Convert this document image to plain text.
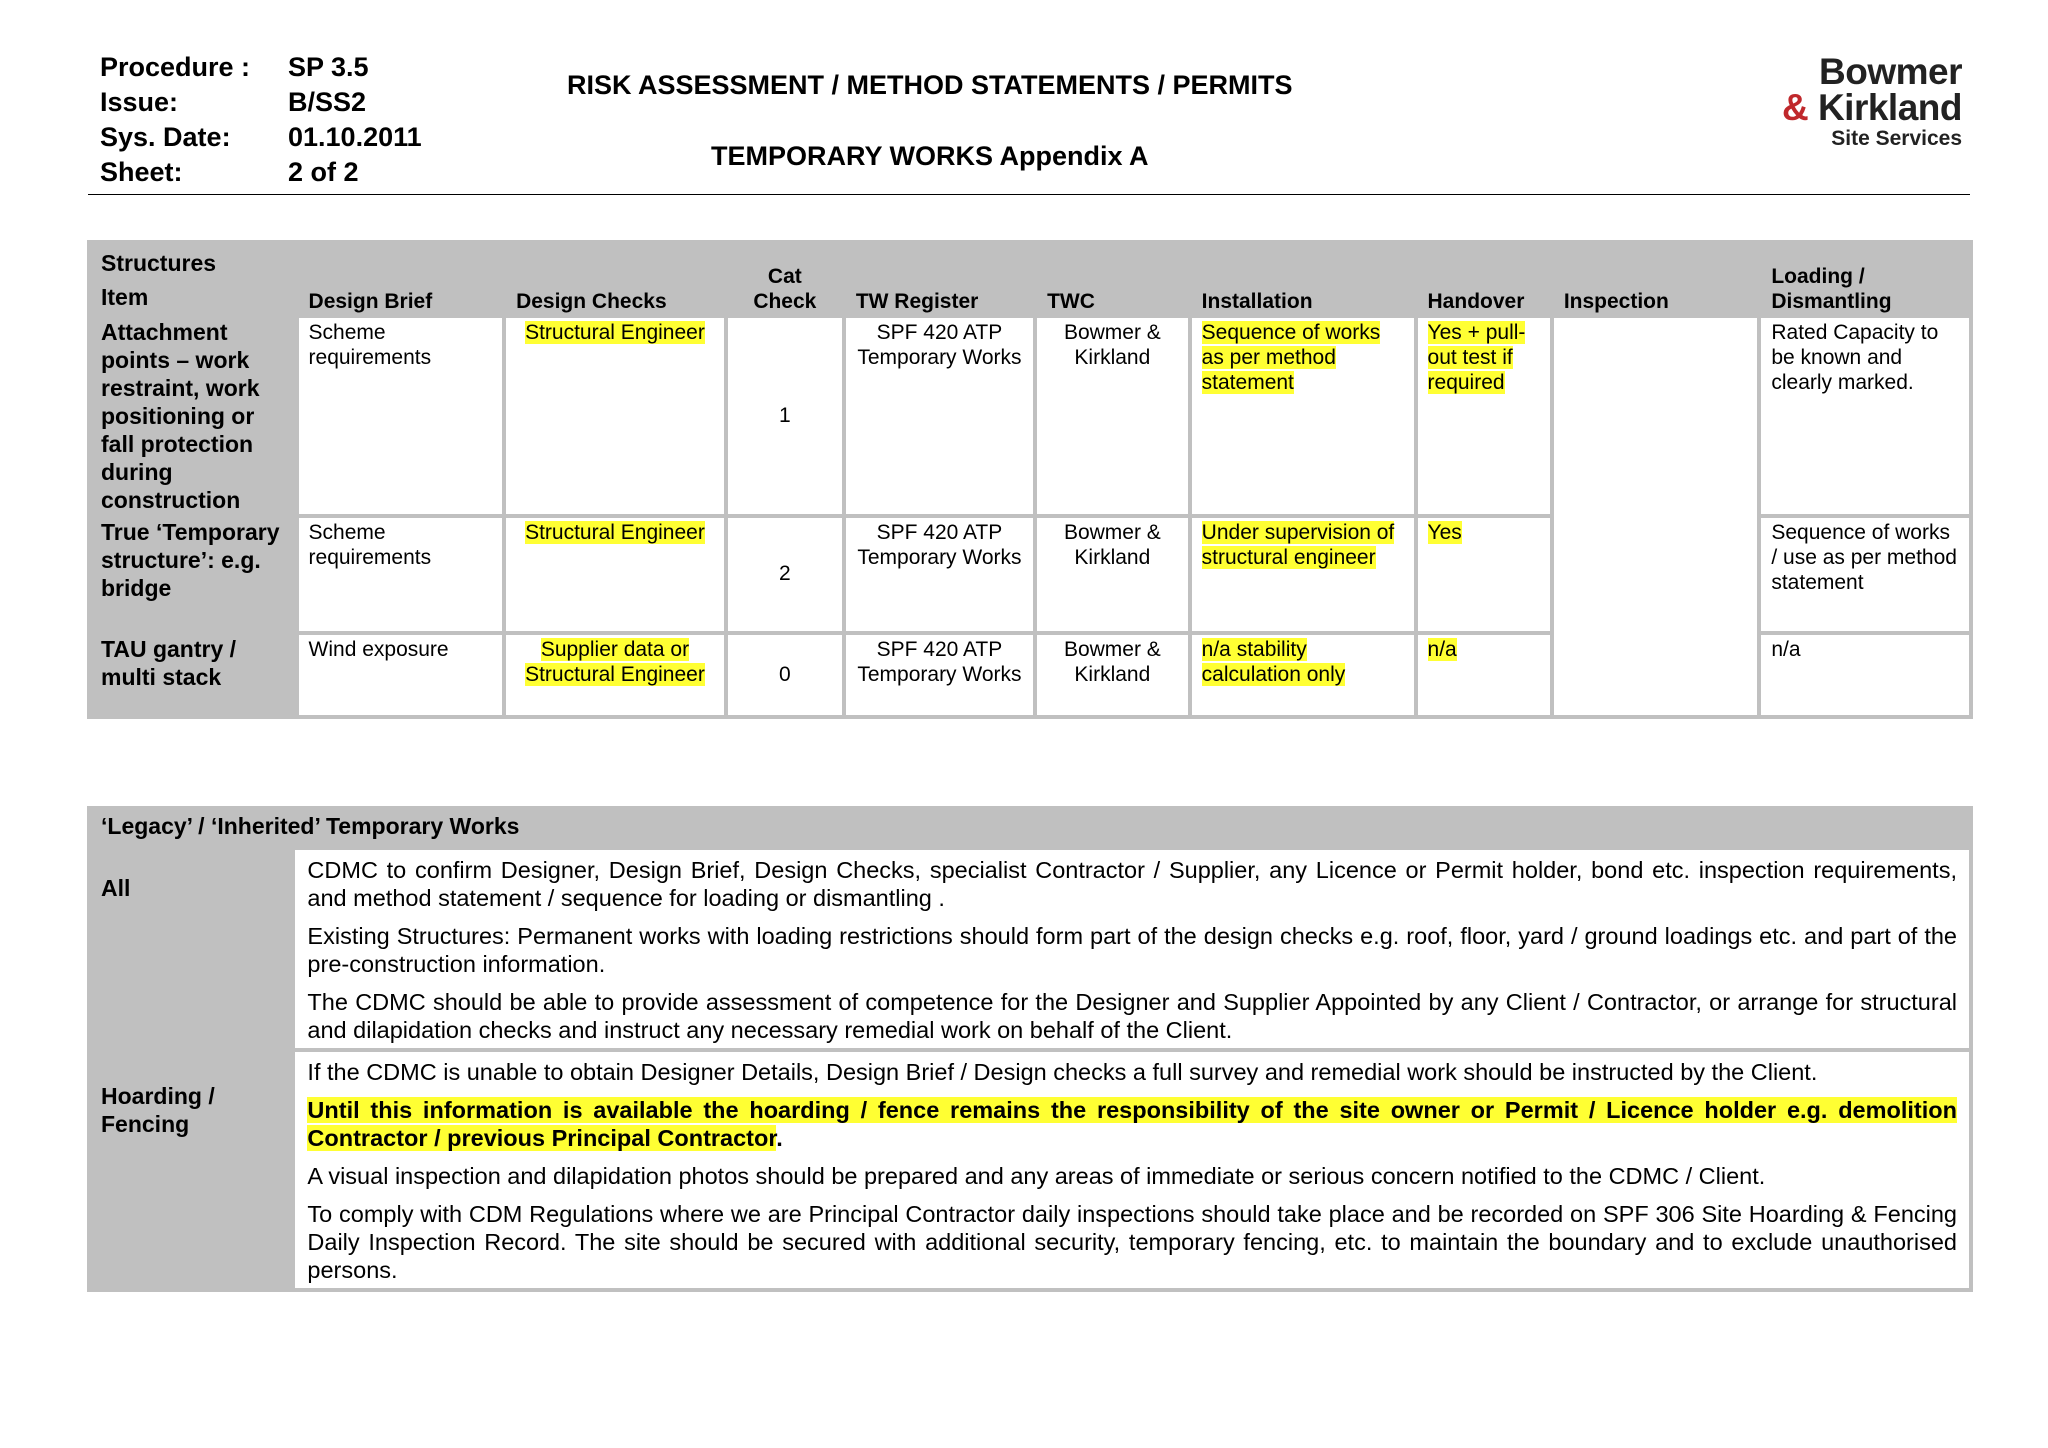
Procedure : SP 3.5
Issue:	B/SS2
Sys. Date: 01.10.2011
Sheet:	2 of 2
RISK ASSESSMENT / METHOD STATEMENTS / PERMITS
TEMPORARY WORKS Appendix A
Bowmer
& Kirkland
Site Services
Structures
Item	Design Brief	Design Checks	Cat Check	TW Register	TWC	Installation	Handover	Inspection	Loading / Dismantling
Attachment points – work restraint, work positioning or fall protection during construction	Scheme requirements	Structural Engineer	1	SPF 420 ATP Temporary Works	Bowmer & Kirkland	Sequence of works as per method statement	Yes + pull-out test if required		Rated Capacity to be known and clearly marked.
True ‘Temporary structure’: e.g. bridge	Scheme requirements	Structural Engineer	2	SPF 420 ATP Temporary Works	Bowmer & Kirkland	Under supervision of structural engineer	Yes		Sequence of works / use as per method statement
TAU gantry / multi stack	Wind exposure	Supplier data or Structural Engineer	0	SPF 420 ATP Temporary Works	Bowmer & Kirkland	n/a stability calculation only	n/a		n/a
‘Legacy’ / ‘Inherited’ Temporary Works	
All	CDMC to confirm Designer, Design Brief, Design Checks, specialist Contractor / Supplier, any Licence or Permit holder, bond etc. inspection requirements, and method statement / sequence for loading or dismantling .

Existing Structures: Permanent works with loading restrictions should form part of the design checks e.g. roof, floor, yard / ground loadings etc. and part of the pre-construction information.

The CDMC should be able to provide assessment of competence for the Designer and Supplier Appointed by any Client / Contractor, or arrange for structural and dilapidation checks and instruct any necessary remedial work on behalf of the Client.

Hoarding / Fencing	If the CDMC is unable to obtain Designer Details, Design Brief / Design checks a full survey and remedial work should be instructed by the Client.

Until this information is available the hoarding / fence remains the responsibility of the site owner or Permit / Licence holder e.g. demolition Contractor / previous Principal Contractor.

A visual inspection and dilapidation photos should be prepared and any areas of immediate or serious concern notified to the CDMC / Client.

To comply with CDM Regulations where we are Principal Contractor daily inspections should take place and be recorded on SPF 306 Site Hoarding & Fencing Daily Inspection Record. The site should be secured with additional security, temporary fencing, etc. to maintain the boundary and to exclude unauthorised persons.
